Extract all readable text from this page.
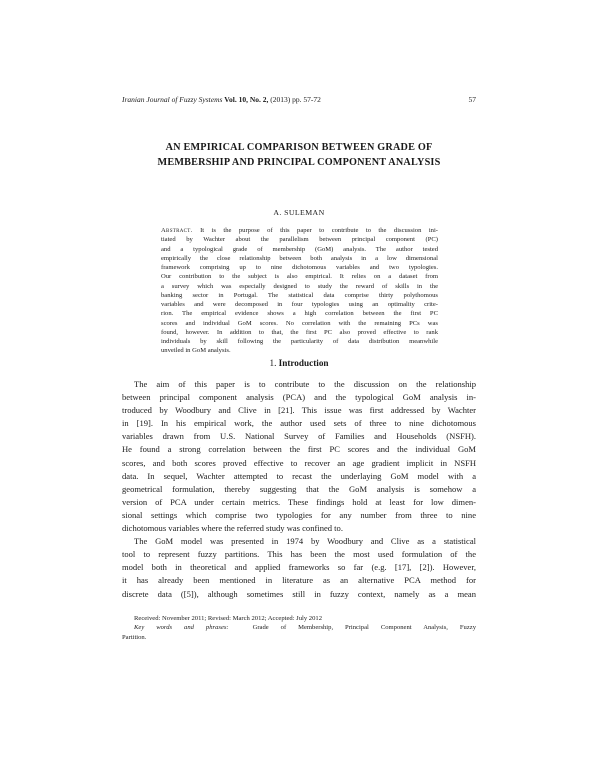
Iranian Journal of Fuzzy Systems Vol. 10, No. 2, (2013) pp. 57-72	57
AN EMPIRICAL COMPARISON BETWEEN GRADE OF
MEMBERSHIP AND PRINCIPAL COMPONENT ANALYSIS
A. SULEMAN
Abstract. It is the purpose of this paper to contribute to the discussion ini-
tiated by Wachter about the parallelism between principal component (PC)
and a typological grade of membership (GoM) analysis. The author tested
empirically the close relationship between both analysis in a low dimensional
framework comprising up to nine dichotomous variables and two typologies.
Our contribution to the subject is also empirical. It relies on a dataset from
a survey which was especially designed to study the reward of skills in the
banking sector in Portugal. The statistical data comprise thirty polythomous
variables and were decomposed in four typologies using an optimality crite-
rion. The empirical evidence shows a high correlation between the first PC
scores and individual GoM scores. No correlation with the remaining PCs was
found, however. In addition to that, the first PC also proved effective to rank
individuals by skill following the particularity of data distribution meanwhile
unveiled in GoM analysis.
1. Introduction
The aim of this paper is to contribute to the discussion on the relationship
between principal component analysis (PCA) and the typological GoM analysis in-
troduced by Woodbury and Clive in [21]. This issue was first addressed by Wachter
in [19]. In his empirical work, the author used sets of three to nine dichotomous
variables drawn from U.S. National Survey of Families and Households (NSFH).
He found a strong correlation between the first PC scores and the individual GoM
scores, and both scores proved effective to recover an age gradient implicit in NSFH
data. In sequel, Wachter attempted to recast the underlaying GoM model with a
geometrical formulation, thereby suggesting that the GoM analysis is somehow a
version of PCA under certain metrics. These findings hold at least for low dimen-
sional settings which comprise two typologies for any number from three to nine
dichotomous variables where the referred study was confined to.
The GoM model was presented in 1974 by Woodbury and Clive as a statistical
tool to represent fuzzy partitions. This has been the most used formulation of the
model both in theoretical and applied frameworks so far (e.g. [17], [2]). However,
it has already been mentioned in literature as an alternative PCA method for
discrete data ([5]), although sometimes still in fuzzy context, namely as a mean
Received: November 2011; Revised: March 2012; Accepted: July 2012
Key words and phrases:	Grade of Membership, Principal Component Analysis, Fuzzy
Partition.
